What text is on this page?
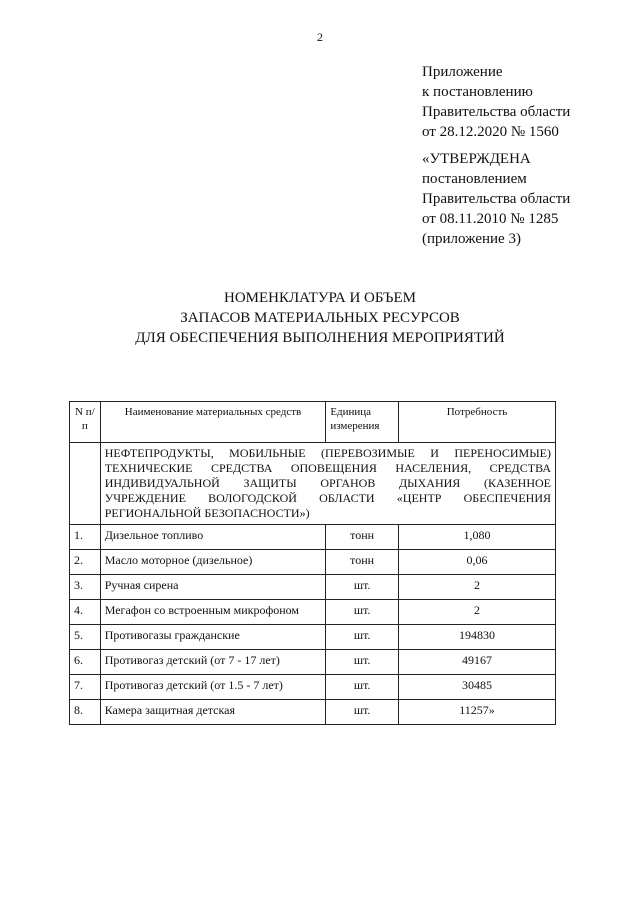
2
Приложение
к постановлению
Правительства области
от 28.12.2020 № 1560
«УТВЕРЖДЕНА
постановлением
Правительства области
от 08.11.2010 № 1285
(приложение 3)
НОМЕНКЛАТУРА И ОБЪЕМ
ЗАПАСОВ МАТЕРИАЛЬНЫХ РЕСУРСОВ
ДЛЯ ОБЕСПЕЧЕНИЯ ВЫПОЛНЕНИЯ МЕРОПРИЯТИЙ
N п/п	Наименование материальных средств	Единица измерения	Потребность
	НЕФТЕПРОДУКТЫ, МОБИЛЬНЫЕ (ПЕРЕВОЗИМЫЕ И ПЕРЕНОСИМЫЕ) ТЕХНИЧЕСКИЕ СРЕДСТВА ОПОВЕЩЕНИЯ НАСЕЛЕНИЯ, СРЕДСТВА ИНДИВИДУАЛЬНОЙ ЗАЩИТЫ ОРГАНОВ ДЫХАНИЯ (КАЗЕННОЕ УЧРЕЖДЕНИЕ ВОЛОГОДСКОЙ ОБЛАСТИ «ЦЕНТР ОБЕСПЕЧЕНИЯ РЕГИОНАЛЬНОЙ БЕЗОПАСНОСТИ»)		
1.	Дизельное топливо	тонн	1,080
2.	Масло моторное (дизельное)	тонн	0,06
3.	Ручная сирена	шт.	2
4.	Мегафон со встроенным микрофоном	шт.	2
5.	Противогазы гражданские	шт.	194830
6.	Противогаз детский (от 7 - 17 лет)	шт.	49167
7.	Противогаз детский (от 1.5 - 7 лет)	шт.	30485
8.	Камера защитная детская	шт.	11257»
